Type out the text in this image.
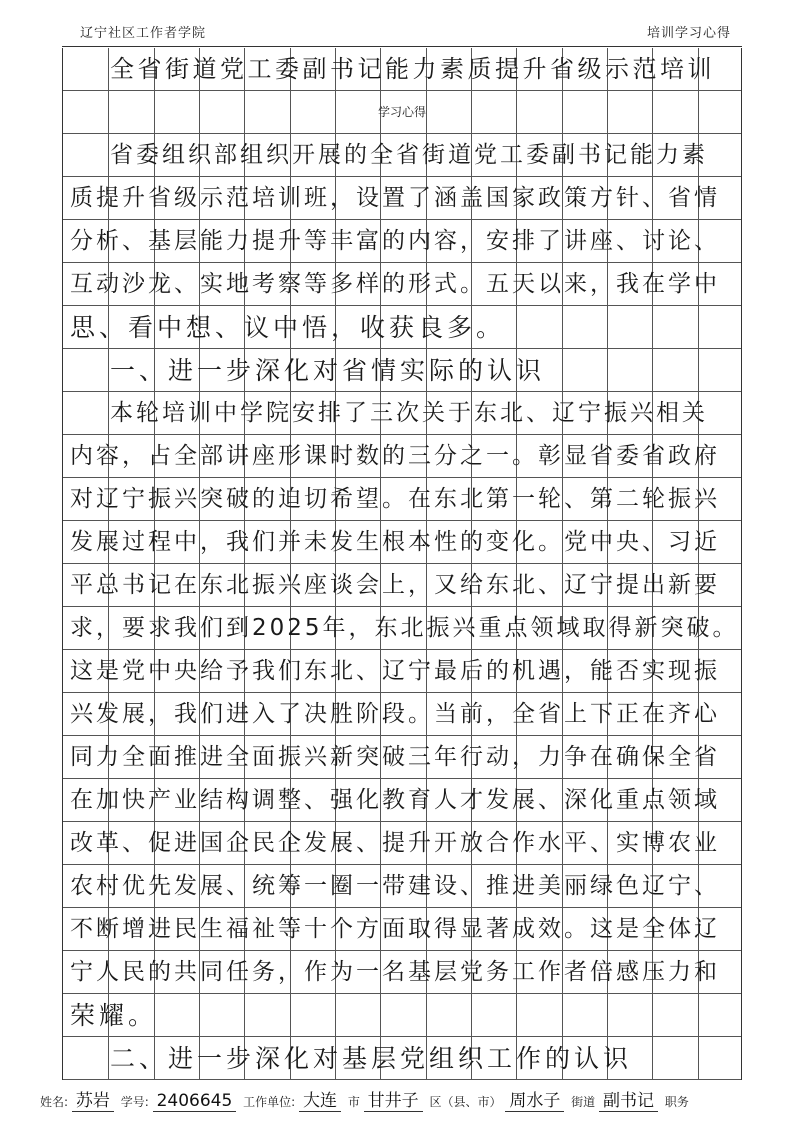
辽宁社区工作者学院	培训学习心得
全省街道党工委副书记能力素质提升省级示范培训
学习心得
省委组织部组织开展的全省街道党工委副书记能力素
质提升省级示范培训班，设置了涵盖国家政策方针、省情
分析、基层能力提升等丰富的内容，安排了讲座、讨论、
互动沙龙、实地考察等多样的形式。五天以来，我在学中
思、看中想、议中悟，收获良多。
一、进一步深化对省情实际的认识
本轮培训中学院安排了三次关于东北、辽宁振兴相关
内容，占全部讲座形课时数的三分之一。彰显省委省政府
对辽宁振兴突破的迫切希望。在东北第一轮、第二轮振兴
发展过程中，我们并未发生根本性的变化。党中央、习近
平总书记在东北振兴座谈会上，又给东北、辽宁提出新要
求，要求我们到2025年，东北振兴重点领域取得新突破。
这是党中央给予我们东北、辽宁最后的机遇，能否实现振
兴发展，我们进入了决胜阶段。当前，全省上下正在齐心
同力全面推进全面振兴新突破三年行动，力争在确保全省
在加快产业结构调整、强化教育人才发展、深化重点领域
改革、促进国企民企发展、提升开放合作水平、实博农业
农村优先发展、统筹一圈一带建设、推进美丽绿色辽宁、
不断增进民生福祉等十个方面取得显著成效。这是全体辽
宁人民的共同任务，作为一名基层党务工作者倍感压力和
荣耀。
二、进一步深化对基层党组织工作的认识
姓名: 苏岩 学号: 2406645 工作单位: 大连 市 甘井子 区（县、市） 周水子 街道 副书记 职务
